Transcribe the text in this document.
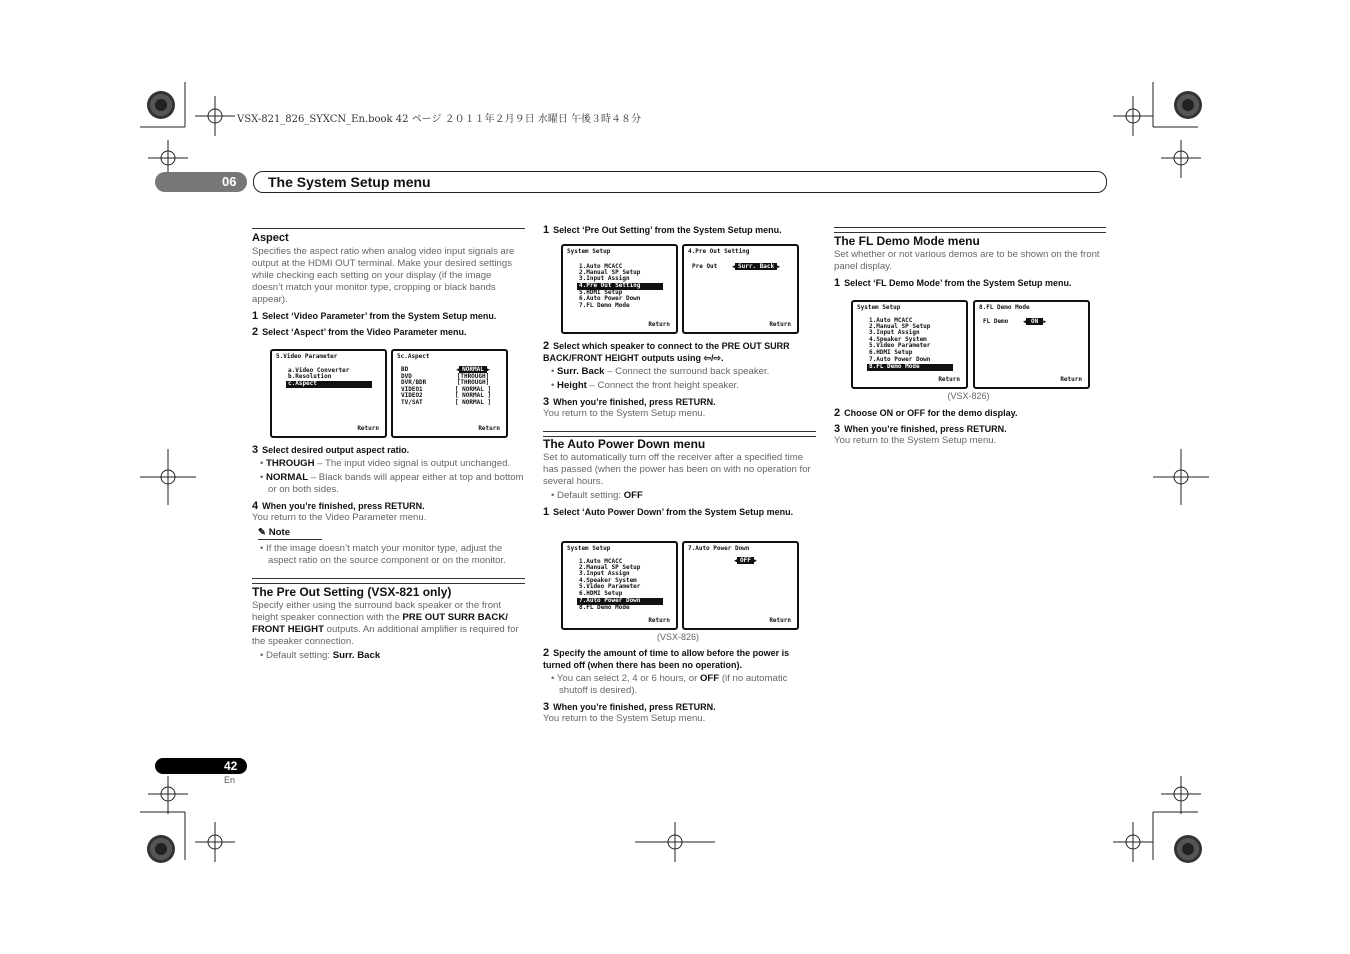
VSX-821_826_SYXCN_En.book 42 ページ ２０１１年２月９日 水曜日 午後３時４８分
06 The System Setup menu
42
En
Aspect

Specifies the aspect ratio when analog video input signals are output at the HDMI OUT terminal. Make your desired settings while checking each setting on your display (if the image doesn’t match your monitor type, cropping or black bands appear).

1 Select ‘Video Parameter’ from the System Setup menu.

2 Select ‘Aspect’ from the Video Parameter menu.

5.Video Parameter
a.Video Converter
b.Resolution
c.Aspect
Return
5c.Aspect
BD
DVD
DVR/BDR
VIDEO1
VIDEO2
TV/SAT
◀ NORMAL ▶
[THROUGH]
[THROUGH]
[ NORMAL ]
[ NORMAL ]
[ NORMAL ]
Return

3 Select desired output aspect ratio.

• THROUGH – The input video signal is output unchanged.

• NORMAL – Black bands will appear either at top and bottom or on both sides.

4 When you’re finished, press RETURN.

You return to the Video Parameter menu.

✎ Note

• If the image doesn’t match your monitor type, adjust the aspect ratio on the source component or on the monitor.

The Pre Out Setting (VSX-821 only)

Specify either using the surround back speaker or the front height speaker connection with the PRE OUT SURR BACK/ FRONT HEIGHT outputs. An additional amplifier is required for the speaker connection.

• Default setting: Surr. Back

1 Select ‘Pre Out Setting’ from the System Setup menu.

System Setup
1.Auto MCACC
2.Manual SP Setup
3.Input Assign
4.Pre Out Setting
5.HDMI Setup
6.Auto Power Down
7.FL Demo Mode
Return
4.Pre Out Setting
Pre Out	◀ Surr. Back ▶
Return

2 Select which speaker to connect to the PRE OUT SURR BACK/FRONT HEIGHT outputs using ⇦/⇨.

• Surr. Back – Connect the surround back speaker.

• Height – Connect the front height speaker.

3 When you’re finished, press RETURN.

You return to the System Setup menu.

The Auto Power Down menu

Set to automatically turn off the receiver after a specified time has passed (when the power has been on with no operation for several hours.

• Default setting: OFF

1 Select ‘Auto Power Down’ from the System Setup menu.

System Setup
1.Auto MCACC
2.Manual SP Setup
3.Input Assign
4.Speaker System
5.Video Parameter
6.HDMI Setup
7.Auto Power Down
8.FL Demo Mode
Return
7.Auto Power Down
◀ OFF ▶
Return
(VSX-826)

2 Specify the amount of time to allow before the power is turned off (when there has been no operation).

• You can select 2, 4 or 6 hours, or OFF (if no automatic shutoff is desired).

3 When you’re finished, press RETURN.

You return to the System Setup menu.

The FL Demo Mode menu

Set whether or not various demos are to be shown on the front panel display.

1 Select ‘FL Demo Mode’ from the System Setup menu.

System Setup
1.Auto MCACC
2.Manual SP Setup
3.Input Assign
4.Speaker System
5.Video Parameter
6.HDMI Setup
7.Auto Power Down
8.FL Demo Mode
Return
8.FL Demo Mode
FL Demo	◀ ON ▶
Return
(VSX-826)

2 Choose ON or OFF for the demo display.

3 When you’re finished, press RETURN.

You return to the System Setup menu.
